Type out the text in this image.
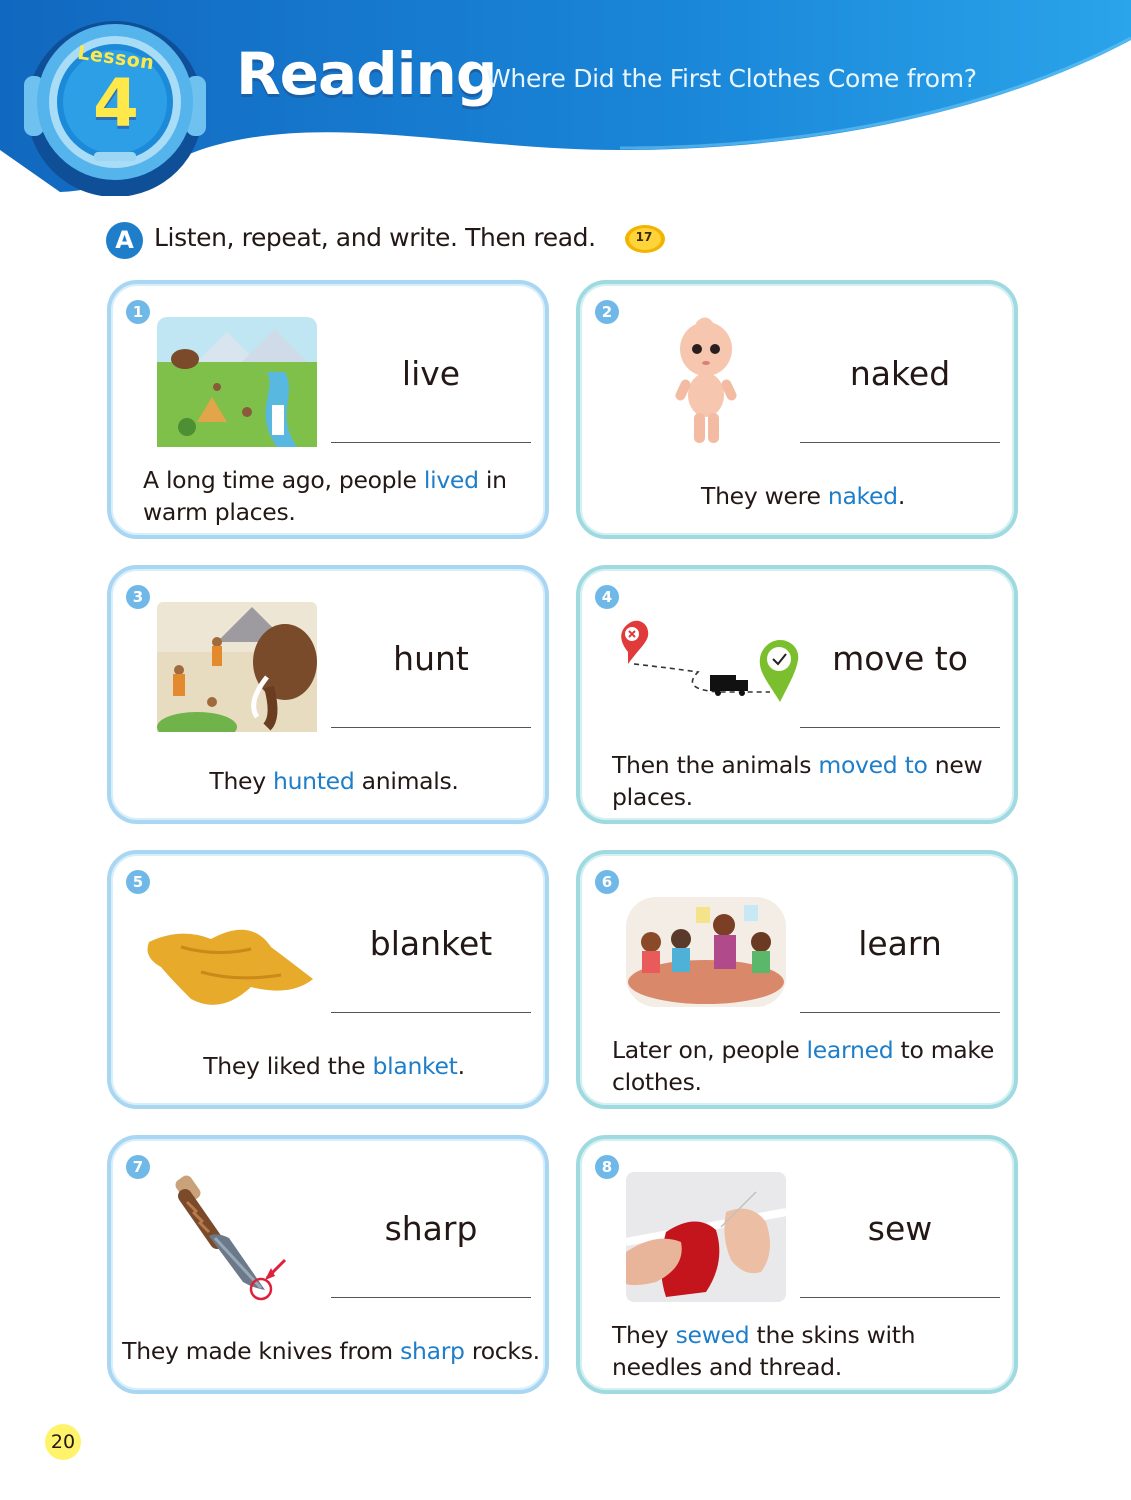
Lesson
4	Reading
Where Did the First Clothes Come from?
A Listen, repeat, and write. Then read.	17
1
live
A long time ago, people lived in warm places.
2
naked
They were naked.
3
hunt
They hunted animals.
4
move to
Then the animals moved to new places.
5
blanket
They liked the blanket.
6
learn
Later on, people learned to make clothes.
7
sharp
They made knives from sharp rocks.
8
sew
They sewed the skins with needles and thread.
20
